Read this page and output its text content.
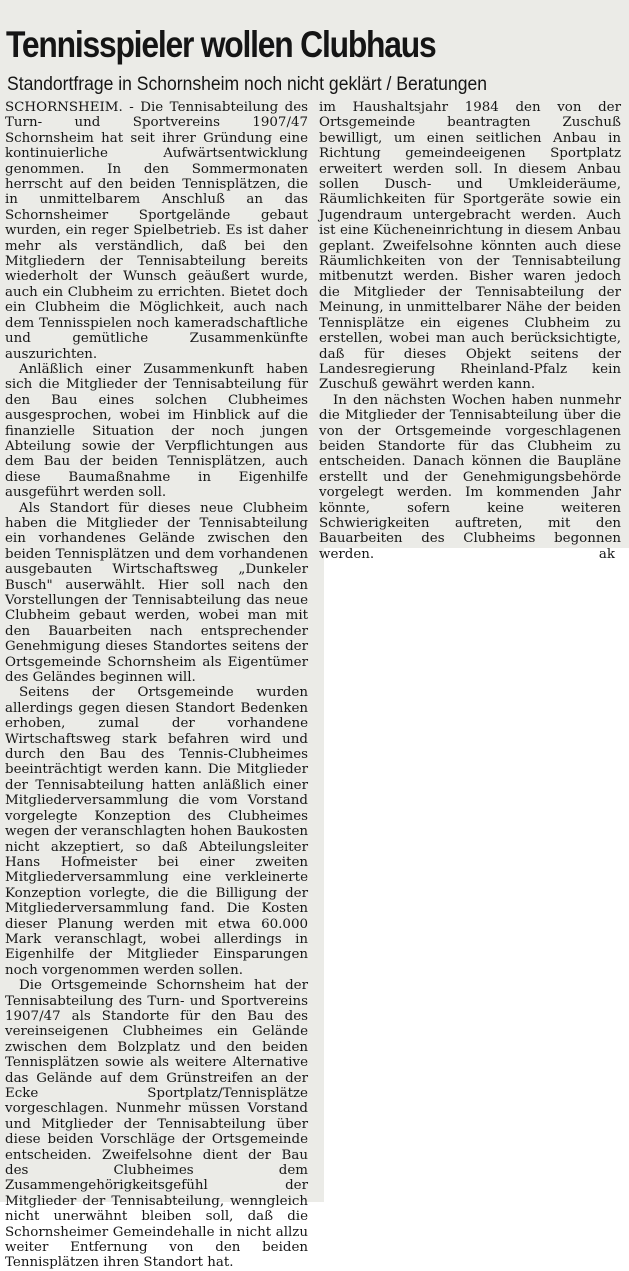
Tennisspieler wollen Clubhaus
Standortfrage in Schornsheim noch nicht geklärt / Beratungen

SCHORNSHEIM. - Die Tennisabteilung des Turn- und Sportvereins 1907/47 Schornsheim hat seit ihrer Gründung eine kontinuierliche Aufwärtsentwicklung genommen. In den Sommermonaten herrscht auf den beiden Tennisplätzen, die in unmittelbarem Anschluß an das Schornsheimer Sportgelände gebaut wurden, ein reger Spielbetrieb. Es ist daher mehr als verständlich, daß bei den Mitgliedern der Tennisabteilung bereits wiederholt der Wunsch geäußert wurde, auch ein Clubheim zu errichten. Bietet doch ein Clubheim die Möglichkeit, auch nach dem Tennisspielen noch kameradschaftliche und gemütliche Zusammenkünfte auszurichten.

Anläßlich einer Zusammenkunft haben sich die Mitglieder der Tennisabteilung für den Bau eines solchen Clubheimes ausgesprochen, wobei im Hinblick auf die finanzielle Situation der noch jungen Abteilung sowie der Verpflichtungen aus dem Bau der beiden Tennisplätzen, auch diese Baumaßnahme in Eigenhilfe ausgeführt werden soll.

Als Standort für dieses neue Clubheim haben die Mitglieder der Tennisabteilung ein vorhandenes Gelände zwischen den beiden Tennisplätzen und dem vorhandenen ausgebauten Wirtschaftsweg „Dunkeler Busch" auserwählt. Hier soll nach den Vorstellungen der Tennisabteilung das neue Clubheim gebaut werden, wobei man mit den Bauarbeiten nach entsprechender Genehmigung dieses Standortes seitens der Ortsgemeinde Schornsheim als Eigentümer des Geländes beginnen will.

Seitens der Ortsgemeinde wurden allerdings gegen diesen Standort Bedenken erhoben, zumal der vorhandene Wirtschaftsweg stark befahren wird und durch den Bau des Tennis-Clubheimes beeinträchtigt werden kann. Die Mitglieder der Tennisabteilung hatten anläßlich einer Mitgliederversammlung die vom Vorstand vorgelegte Konzeption des Clubheimes wegen der veranschlagten hohen Baukosten nicht akzeptiert, so daß Abteilungsleiter Hans Hofmeister bei einer zweiten Mitgliederversammlung eine verkleinerte Konzeption vorlegte, die die Billigung der Mitgliederversammlung fand. Die Kosten dieser Planung werden mit etwa 60.000 Mark veranschlagt, wobei allerdings in Eigenhilfe der Mitglieder Einsparungen noch vorgenommen werden sollen.

Die Ortsgemeinde Schornsheim hat der Tennisabteilung des Turn- und Sportvereins 1907/47 als Standorte für den Bau des vereinseigenen Clubheimes ein Gelände zwischen dem Bolzplatz und den beiden Tennisplätzen sowie als weitere Alternative das Gelände auf dem Grünstreifen an der Ecke Sportplatz/Tennisplätze vorgeschlagen. Nunmehr müssen Vorstand und Mitglieder der Tennisabteilung über diese beiden Vorschläge der Ortsgemeinde entscheiden. Zweifelsohne dient der Bau des Clubheimes dem Zusammengehörigkeitsgefühl der Mitglieder der Tennisabteilung, wenngleich nicht unerwähnt bleiben soll, daß die Schornsheimer Gemeindehalle in nicht allzu weiter Entfernung von den beiden Tennisplätzen ihren Standort hat.

im Haushaltsjahr 1984 den von der Ortsgemeinde beantragten Zuschuß bewilligt, um einen seitlichen Anbau in Richtung gemeindeeigenen Sportplatz erweitert werden soll. In diesem Anbau sollen Dusch- und Umkleideräume, Räumlichkeiten für Sportgeräte sowie ein Jugendraum untergebracht werden. Auch ist eine Kücheneinrichtung in diesem Anbau geplant. Zweifelsohne könnten auch diese Räumlichkeiten von der Tennisabteilung mitbenutzt werden. Bisher waren jedoch die Mitglieder der Tennisabteilung der Meinung, in unmittelbarer Nähe der beiden Tennisplätze ein eigenes Clubheim zu erstellen, wobei man auch berücksichtigte, daß für dieses Objekt seitens der Landesregierung Rheinland-Pfalz kein Zuschuß gewährt werden kann.

In den nächsten Wochen haben nunmehr die Mitglieder der Tennisabteilung über die von der Ortsgemeinde vorgeschlagenen beiden Standorte für das Clubheim zu entscheiden. Danach können die Baupläne erstellt und der Genehmigungsbehörde vorgelegt werden. Im kommenden Jahr könnte, sofern keine weiteren Schwierigkeiten auftreten, mit den Bauarbeiten des Clubheims begonnen werden.	ak
